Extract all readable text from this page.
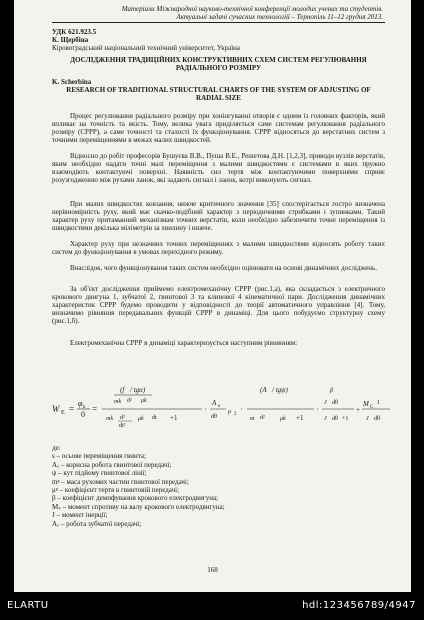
Матеріали Міжнародної науково-технічної конференції молодих учених та студентів.
Актуальні задачі сучасних технологій – Тернопіль 11–12 грудня 2013.
УДК 621.923.5
К. Щербіна
Кіровоградський національний технічний університет, Україна
ДОСЛІДЖЕННЯ ТРАДИЦІЙНИХ КОНСТРУКТИВНИХ СХЕМ СИСТЕМ РЕГУЛЮВАННЯ РАДІАЛЬНОГО РОЗМІРУ
K. Scherbina
RESEARCH OF TRADITIONAL STRUCTURAL CHARTS OF THE SYSTEM OF ADJUSTING OF RADIAL SIZE
Процес регулювання радіального розміру при хонінгуванні отворів є одним із головних факторів, який впливає на точність та якість. Тому, велика увага приділяється саме системам регулювання радіального розміру (СРРР), а саме точності та сталості їх функціонування. СРРР відносяться до верстатних систем з точними переміщеннями в межах малих швидкостей.
Відносно до робіт професорів Бушуєва В.В., Пуша В.Е., Решетова Д.Н. [1,2,3], приводи вузлів верстатів, яким необхідно надати точні малі переміщення з малими швидкостями є системами в яких пружно взаємодіють контактуючі поверхні. Наявність сил тертя між контактуючими поверхнями сприяє розузгодженню між рухами ланок, які задають сигнал і ланок, котрі виконують сигнал.
При малих швидкостях ковзання, нижче критичного значення [35] спостерігається гостро визначена нерівномірність руху, який має скачко-подібний характер з періодичними стрибками і зупинками. Такий характер руху притаманний механізмам точних верстатів, коли необхідно забезпечити точне переміщення із швидкостями декілька міліметрів за хвилину і нижче.
Характер руху при незначних точних переміщеннях з малими швидкостями відносять роботу таких систем до функціонування в умовах перехідного режиму.
Внаслідок, чого функціонування таких систем необхідно оцінювати на основі динамічних досліджень.
За об'єкт дослідження приймемо електромеханічну СРРР (рис.1,а), яка складається з електричного крокового двигуна 1, зубчатої 2, гвинтової 3 та клинової 4 кінематичної пари. Дослідження динамічних характеристик СРРР будемо проводити у відповідності до теорії автоматичного управління [4]. Тому, визначимо рівняння передавальних функцій СРРР в динаміці. Для цього побудуємо структурну схему (рис.1,б).
Електромеханічна СРРР в динаміці характеризується наступним рівнянням:
W E =
φ k
0
=
(f / tgα)
mk d² μk
mk d²
dt²
μk dt +1
·
A κ
dθ
μ 2
·
(A / tgψ)
m d²	μk +1
·
β
J dθ
J dθ +1
+
M C
1
J dθ
де:
s – осьове переміщення гвинта;
Aₓ – корисна робота гвинтової передачі;
ψ – кут підйому гвинтової лінії;
mᵍ – маса рухомих частин гвинтової передачі;
μᵍ – коефіцієнт тертя в гвинтовій передачі;
β – коефіцієнт демпфування крокового електродвигуна;
Mₛ – момент спротиву на валу крокового електродвигуна;
J – момент інерції;
Aₓ – робота зубчатої передачі;
168
ELARTU	hdl:123456789/4947
